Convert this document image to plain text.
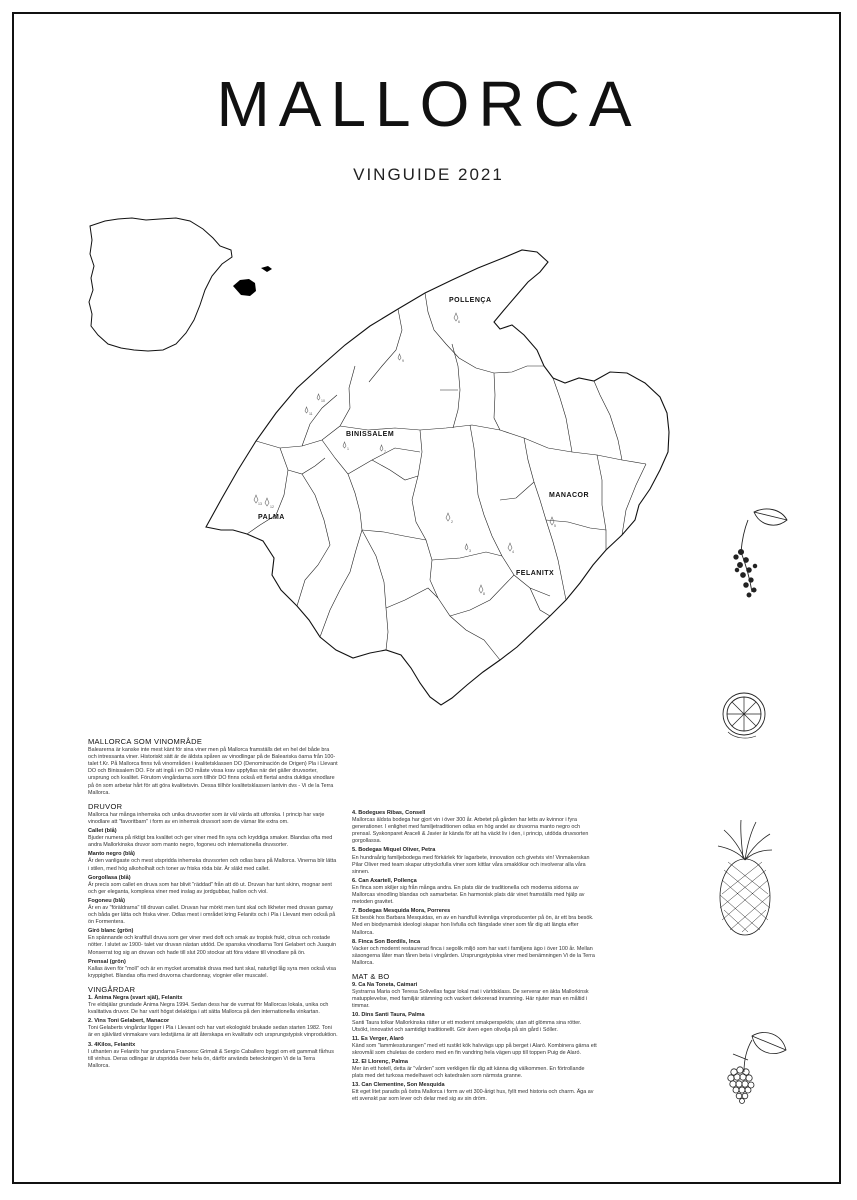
MALLORCA
VINGUIDE 2021
POLLENÇA
BINISSALEM
MANACOR
PALMA
FELANITX
6
9
10
11
1
12
2
3	4
5
7
8
13
MALLORCA SOM VINOMRÅDE

Balearerna är kanske inte mest känt för sina viner men på Mallorca framställs det en hel del både bra och intressanta viner. Historiskt sätt är de äldsta spåren av vinodlingar på de Baleariska öarna från 100-talet f.Kr. På Mallorca finns två vinområden i kvalitetsklassen DO (Denominación de Origen) Pla i Llevant DO och Binissalem DO. För att ingå i en DO måste vissa krav uppfyllas när det gäller druvsorter, ursprung och kvalitet. Förutom vingårdarna som tillhör DO finns också ett flertal andra duktiga vinodlare på ön som arbetar hårt för att göra kvalitetsvin. Dessa tillhör kvalitetsklassen lantvin dvs - Vi de la Terra Mallorca.

DRUVOR

Mallorca har många inhemska och unika druvsorter som är väl värda att utforska. I princip har varje vinodlare att "favoritbarn" i form av en inhemsk druvsort som de värnar lite extra om.

Callet (blå)

Bjuder numera på riktigt bra kvalitet och ger viner med fin syra och kryddiga smaker. Blandas ofta med andra Mallorkinska druvor som manto negro, fogoneu och internationella druvsorter.

Manto negro (blå)

Är den vanligaste och mest utspridda inhemska druvsorten och odlas bara på Mallorca. Vinerna blir lätta i stilen, med hög alkoholhalt och toner av friska röda bär. Är släkt med callet.

Gorgollasa (blå)

Är precis som callet en druva som har blivit "räddad" från att dö ut. Druvan har tunt skinn, mognar sent och ger eleganta, komplexa viner med inslag av jordgubbar, hallon och viol.

Fogoneu (blå)

Är en av "föräldrarna" till druvan callet. Druvan har mörkt men tunt skal och likheter med druvan gamay och båda ger lätta och friska viner. Odlas mest i området kring Felanitx och i Pla i Llevant men också på ön Formentera.

Giró blanc (grön)

En spännande och kraftfull druva som ger viner med doft och smak av tropisk frukt, citrus och rostade nötter. I slutet av 1900- talet var druvan nästan utdöd. De spanska vinodlarna Toni Gelabert och Juaquin Monserrat tog sig an druvan och hade till slut 200 stockar att föra vidare till vinodlare på ön.

Prensal (grön)

Kallas även för "moll" och är en mycket aromatisk druva med tunt skal, naturligt låg syra men också visa kryppighet. Blandas ofta med druvorna chardonnay, viognier eller muscatel.

VINGÅRDAR
1. Ànima Negra (svart själ), Felanitx

Tre eldsjälar grundade Ànima Negra 1994. Sedan dess har de vurmat för Mallorcas lokala, unika och kvalitativa druvor. De har varit högst delaktiga i att sätta Mallorca på den internationella vinkartan.

2. Vins Toni Gelabert, Manacor

Toni Gelaberts vingårdar ligger i Pla i Llevant och har vart ekologiskt brukade sedan starten 1982. Toni är en självlärd vinmakare vars ledstjärna är att återskapa en kvalitativ och ursprungstypisk vinproduktion.

3. 4Kilos, Felanitx

I uthanten av Felanitx har grundarna Francesc Grimalt & Sergio Caballero byggt om ett gammalt fårhus till vinhus. Deras odlingar är utspridda över hela ön, därför används beteckningen Vi de la Terra Mallorca.

4. Bodegues Ribas, Consell

Mallorcas äldsta bodega har gjort vin i över 300 år. Arbetet på gården har letts av kvinnor i fyra generationer. I enlighet med familjetraditionen odlas en hög andel av druvorna manto negro och prensal. Syskonparet Araceli & Javier är kända för att ha väckt liv i den, i princip, utdöda druvsorten gorgollassa.

5. Bodegas Miquel Oliver, Petra

En hundraårig familjebodega med förkärlek för lagarbete, innovation och givetvis vin! Vinmakerskan Pilar Oliver med team skapar uttrycksfulla viner som kittlar våra smaklökar och involverar alla våra sinnen.

6. Can Axartell, Pollença

En finca som skiljer sig från många andra. En plats där de traditionella och moderna sidorna av Mallorcas vinodling blandas och samarbetar. En harmonisk plats där vinet framställs med hjälp av metoden gravitet.

7. Bodegas Mesquida Mora, Porreres

Ett besök hos Barbara Mesquidas, en av en handfull kvinnliga vinproducenter på ön, är ett bra besök. Med en biodynamisk ideologi skapar hon livfulla och fängslade viner som får dig att längta efter Mallorca.

8. Finca Son Bordils, Inca

Vacker och modernt restaurerad finca i segolik miljö som har vart i familjens ägo i över 100 år. Mellan säsongerna låter man fåren beta i vingården. Ursprungstypiska viner med benämningen Vi de la Terra Mallorca.

MAT & BO
9. Ca Na Toneta, Caimari

Systrarna Maria och Teresa Solivellas fagar lokal mat i världsklass. De serverar en äkta Mallorkinsk matupplevelse, med familjär stämning och vackert dekorerad inramning. Här njuter man en måltid i timmar.

10. Dins Santi Taura, Palma

Santi Taura tolkar Mallorkinska rätter ur ett modernt smakperspektiv, utan att glömma sina rötter. Utsökt, innovativt och samtidigt traditionellt. Gör även egen olivolja på sin gård i Sóller.

11. Es Verger, Alaró

Känd som "lammlessturangen" med ett rustikt kök halvvägs upp på berget i Alaró. Kombinera gärna ett skrovmål som chuletas de cordero med en fin vandring hela vägen upp till toppen Puig de Alaró.

12. El Llorenç, Palma

Mer än ett hotell, detta är "vården" som verkligen får dig att känna dig välkommen. En förtrollande plats med det turkosa medelhavet och katedralen som närmsta granne.

13. Can Clementine, Son Mesquida

Ett eget litet paradis på östra Mallorca i form av ett 300-årigt hus, fyllt med historia och charm. Äga av ett svenskt par som lever och delar med sig av sin dröm.
